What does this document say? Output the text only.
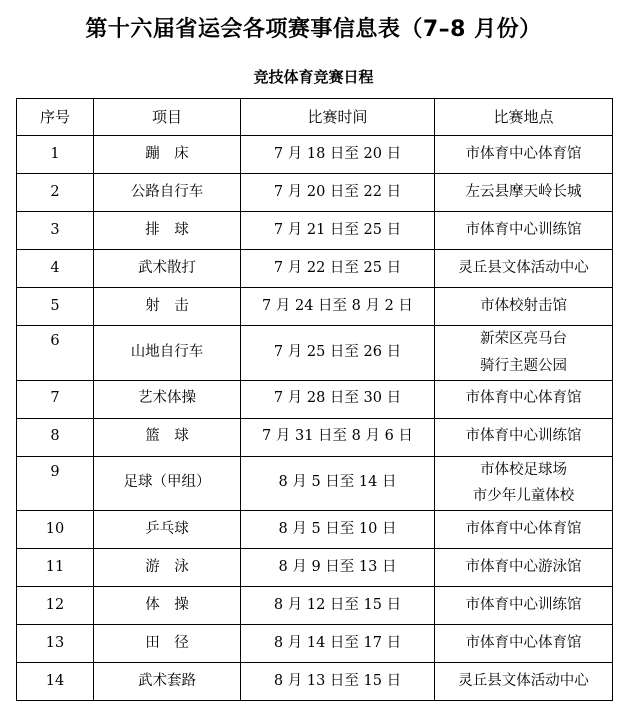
第十六届省运会各项赛事信息表（7–8 月份）
竞技体育竞赛日程
序号	项目	比赛时间	比赛地点
1	蹦　床	7 月 18 日至 20 日	市体育中心体育馆

2	公路自行车	7 月 20 日至 22 日	左云县摩天岭长城

3	排　球	7 月 21 日至 25 日	市体育中心训练馆

4	武术散打	7 月 22 日至 25 日	灵丘县文体活动中心

5	射　击	7 月 24 日至 8 月 2 日	市体校射击馆

6	山地自行车	7 月 25 日至 26 日	新荣区亮马台
骑行主题公园

7	艺术体操	7 月 28 日至 30 日	市体育中心体育馆

8	篮　球	7 月 31 日至 8 月 6 日	市体育中心训练馆

9	足球（甲组）	8 月 5 日至 14 日	市体校足球场
市少年儿童体校

10	乒乓球	8 月 5 日至 10 日	市体育中心体育馆

11	游　泳	8 月 9 日至 13 日	市体育中心游泳馆

12	体　操	8 月 12 日至 15 日	市体育中心训练馆

13	田　径	8 月 14 日至 17 日	市体育中心体育馆

14	武术套路	8 月 13 日至 15 日	灵丘县文体活动中心
